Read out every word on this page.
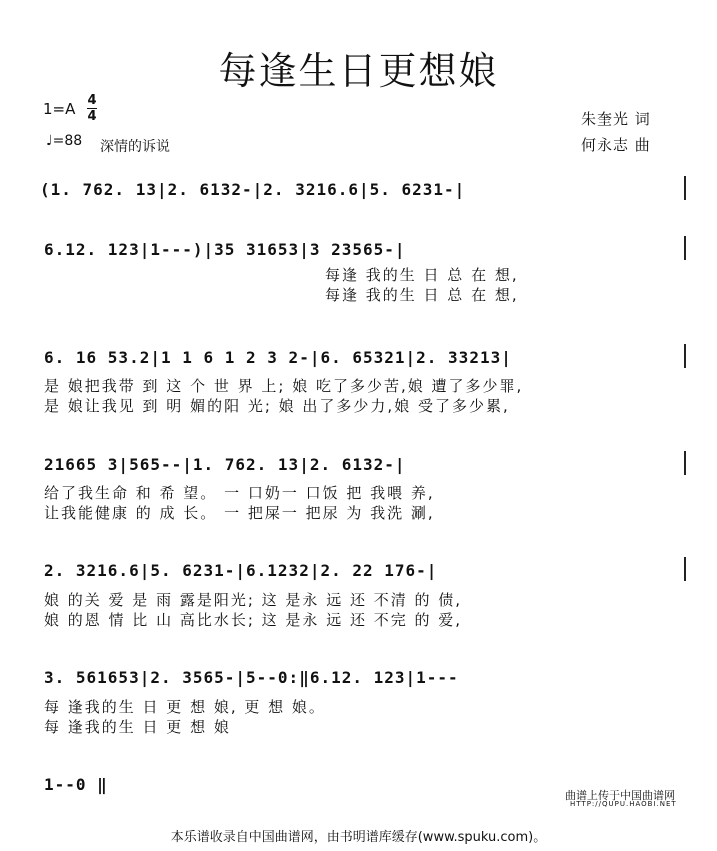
每逢生日更想娘
1=A 4
4
♩=88 深情的诉说
朱奎光 词
何永志 曲
(1. 762. 13|2. 6132-|2. 3216.6|5. 6231-|
6.12. 123|1---)|35 31653|3 23565-|
每逢 我的生 日 总 在 想,
每逢 我的生 日 总 在 想,
6. 16 53.2|1 1 6 1 2 3 2-|6. 65321|2. 33213|
是 娘把我带 到 这 个 世 界 上; 娘 吃了多少苦,娘 遭了多少罪,
是 娘让我见 到 明 媚的阳 光; 娘 出了多少力,娘 受了多少累,
21665 3|565--|1. 762. 13|2. 6132-|
给了我生命 和 希 望。 一 口奶一 口饭 把 我喂 养,
让我能健康 的 成 长。 一 把屎一 把尿 为 我洗 涮,
2. 3216.6|5. 6231-|6.1232|2. 22 176-|
娘 的关 爱 是 雨 露是阳光; 这 是永 远 还 不清 的 债,
娘 的恩 情 比 山 高比水长; 这 是永 远 还 不完 的 爱,
3. 561653|2. 3565-|5--0:‖6.12. 123|1---
每 逢我的生 日 更 想 娘, 更 想 娘。
每 逢我的生 日 更 想 娘
1--0 ‖
曲谱上传于中国曲谱网
HTTP://QUPU.HAOBI.NET
本乐谱收录自中国曲谱网，由书明谱库缓存(www.spuku.com)。
